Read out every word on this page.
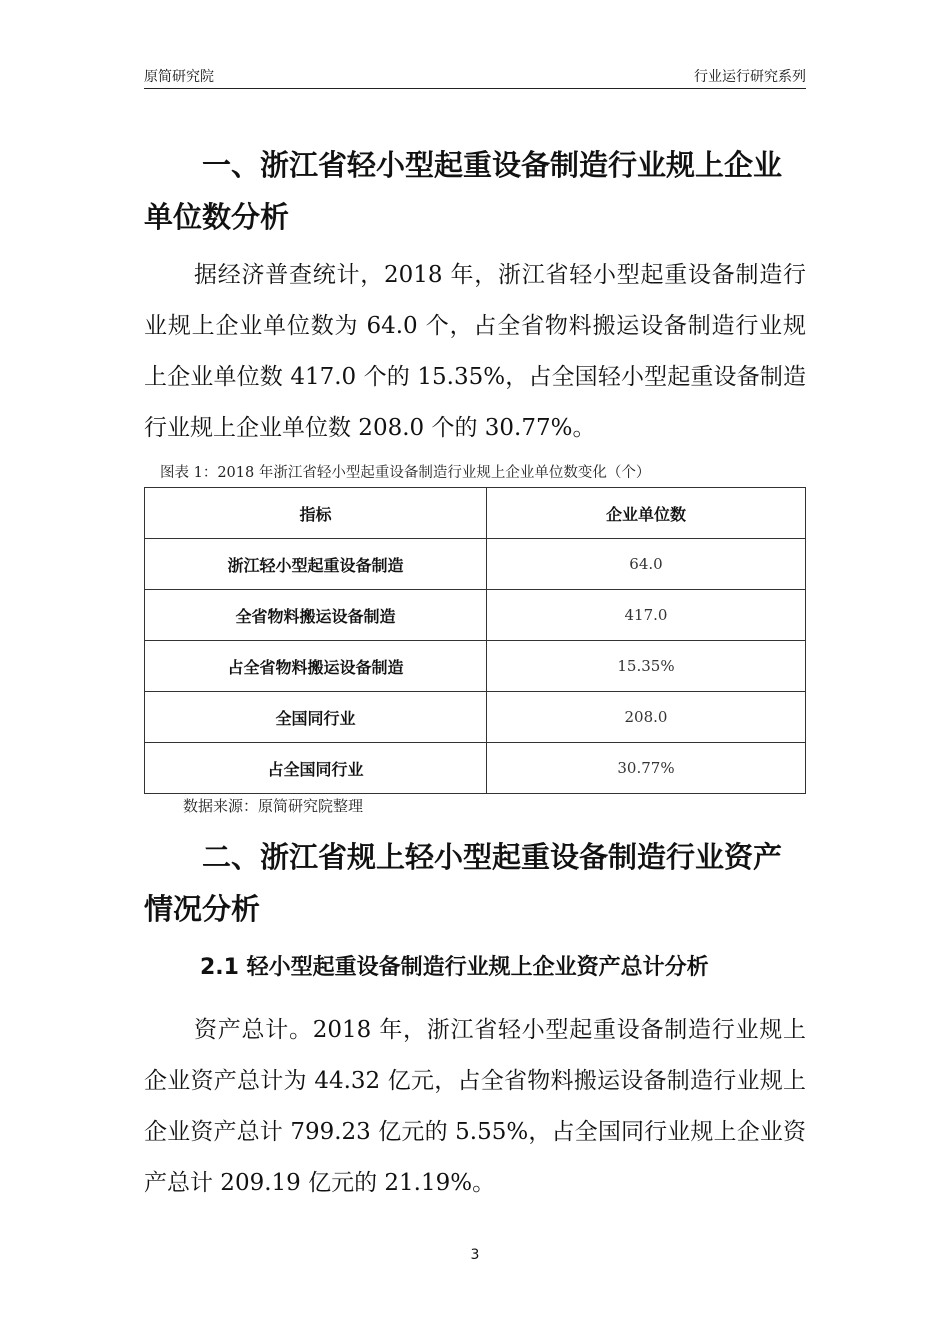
原简研究院	行业运行研究系列
一、浙江省轻小型起重设备制造行业规上企业单位数分析

据经济普查统计，2018 年，浙江省轻小型起重设备制造行业规上企业单位数为 64.0 个，占全省物料搬运设备制造行业规上企业单位数 417.0 个的 15.35%，占全国轻小型起重设备制造行业规上企业单位数 208.0 个的 30.77%。

图表 1：2018 年浙江省轻小型起重设备制造行业规上企业单位数变化（个）
指标	企业单位数
浙江轻小型起重设备制造	64.0
全省物料搬运设备制造	417.0
占全省物料搬运设备制造	15.35%
全国同行业	208.0
占全国同行业	30.77%
数据来源：原简研究院整理
二、浙江省规上轻小型起重设备制造行业资产情况分析
2.1 轻小型起重设备制造行业规上企业资产总计分析

资产总计。2018 年，浙江省轻小型起重设备制造行业规上企业资产总计为 44.32 亿元，占全省物料搬运设备制造行业规上企业资产总计 799.23 亿元的 5.55%，占全国同行业规上企业资产总计 209.19 亿元的 21.19%。

3
